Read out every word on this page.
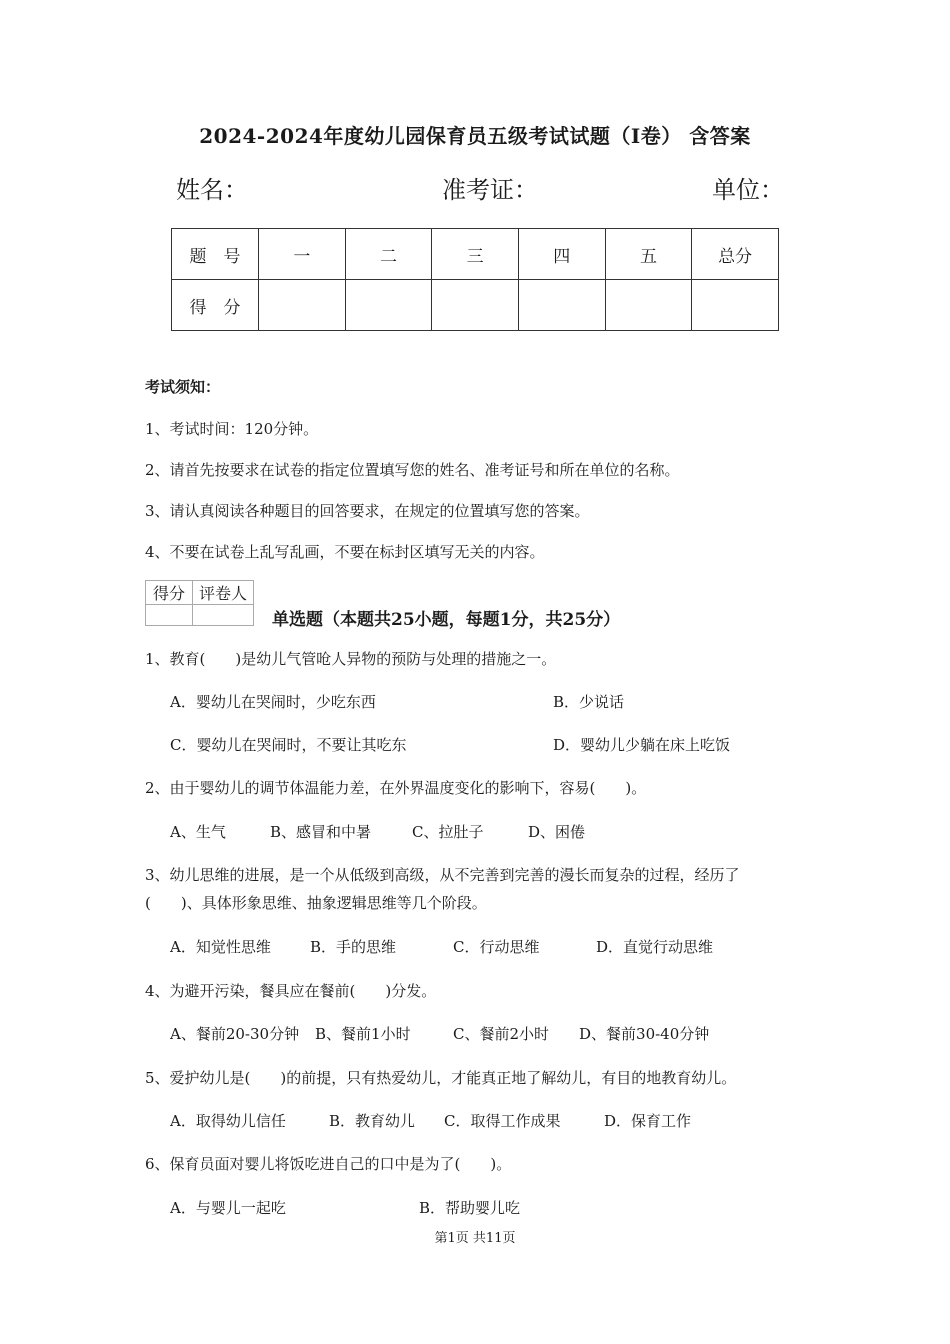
2024-2024年度幼儿园保育员五级考试试题（I卷） 含答案
姓名：	准考证：	单位：
题　号	一	二	三	四	五	总分
得　分						
考试须知：
1、考试时间：120分钟。
2、请首先按要求在试卷的指定位置填写您的姓名、准考证号和所在单位的名称。
3、请认真阅读各种题目的回答要求，在规定的位置填写您的答案。
4、不要在试卷上乱写乱画，不要在标封区填写无关的内容。
得分	评卷人

单选题（本题共25小题，每题1分，共25分）
1、教育(　　)是幼儿气管呛人异物的预防与处理的措施之一。
A．婴幼儿在哭闹时，少吃东西	B．少说话
C．婴幼儿在哭闹时，不要让其吃东	D．婴幼儿少躺在床上吃饭
2、由于婴幼儿的调节体温能力差，在外界温度变化的影响下，容易(　　)。
A、生气	B、感冒和中暑	C、拉肚子	D、困倦
3、幼儿思维的进展，是一个从低级到高级，从不完善到完善的漫长而复杂的过程，经历了
(　　)、具体形象思维、抽象逻辑思维等几个阶段。
A．知觉性思维	B．手的思维	C．行动思维	D．直觉行动思维
4、为避开污染，餐具应在餐前(　　)分发。
A、餐前20-30分钟 B、餐前1小时	C、餐前2小时 D、餐前30-40分钟
5、爱护幼儿是(　　)的前提，只有热爱幼儿，才能真正地了解幼儿，有目的地教育幼儿。
A．取得幼儿信任	B．教育幼儿 C．取得工作成果	D．保育工作
6、保育员面对婴儿将饭吃进自己的口中是为了(　　)。
A．与婴儿一起吃	B．帮助婴儿吃
第1页 共11页
